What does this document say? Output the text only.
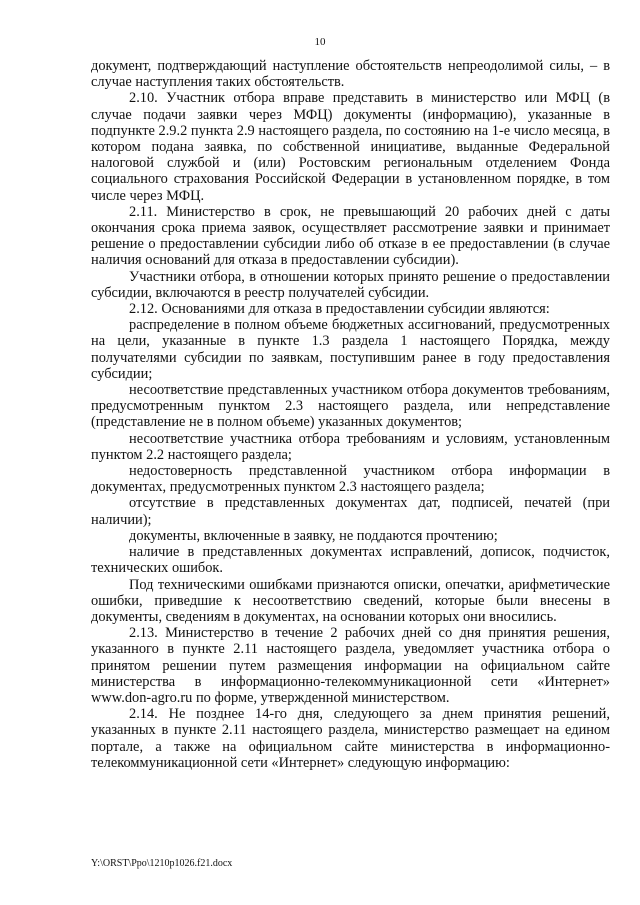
10

документ, подтверждающий наступление обстоятельств непреодолимой силы, – в случае наступления таких обстоятельств.

2.10. Участник отбора вправе представить в министерство или МФЦ (в случае подачи заявки через МФЦ) документы (информацию), указанные в подпункте 2.9.2 пункта 2.9 настоящего раздела, по состоянию на 1-е число месяца, в котором подана заявка, по собственной инициативе, выданные Федеральной налоговой службой и (или) Ростовским региональным отделением Фонда социального страхования Российской Федерации в установленном порядке, в том числе через МФЦ.

2.11. Министерство в срок, не превышающий 20 рабочих дней с даты окончания срока приема заявок, осуществляет рассмотрение заявки и принимает решение о предоставлении субсидии либо об отказе в ее предоставлении (в случае наличия оснований для отказа в предоставлении субсидии).

Участники отбора, в отношении которых принято решение о предоставлении субсидии, включаются в реестр получателей субсидии.

2.12. Основаниями для отказа в предоставлении субсидии являются:

распределение в полном объеме бюджетных ассигнований, предусмотренных на цели, указанные в пункте 1.3 раздела 1 настоящего Порядка, между получателями субсидии по заявкам, поступившим ранее в году предоставления субсидии;

несоответствие представленных участником отбора документов требованиям, предусмотренным пунктом 2.3 настоящего раздела, или непредставление (представление не в полном объеме) указанных документов;

несоответствие участника отбора требованиям и условиям, установленным пунктом 2.2 настоящего раздела;

недостоверность представленной участником отбора информации в документах, предусмотренных пунктом 2.3 настоящего раздела;

отсутствие в представленных документах дат, подписей, печатей (при наличии);

документы, включенные в заявку, не поддаются прочтению;

наличие в представленных документах исправлений, дописок, подчисток, технических ошибок.

Под техническими ошибками признаются описки, опечатки, арифметические ошибки, приведшие к несоответствию сведений, которые были внесены в документы, сведениям в документах, на основании которых они вносились.

2.13. Министерство в течение 2 рабочих дней со дня принятия решения, указанного в пункте 2.11 настоящего раздела, уведомляет участника отбора о принятом решении путем размещения информации на официальном сайте министерства в информационно-телекоммуникационной сети «Интернет» www.don-agro.ru по форме, утвержденной министерством.

2.14. Не позднее 14-го дня, следующего за днем принятия решений, указанных в пункте 2.11 настоящего раздела, министерство размещает на едином портале, а также на официальном сайте министерства в информационно-телекоммуникационной сети «Интернет» следующую информацию:

Y:\ORST\Ppo\1210p1026.f21.docx
